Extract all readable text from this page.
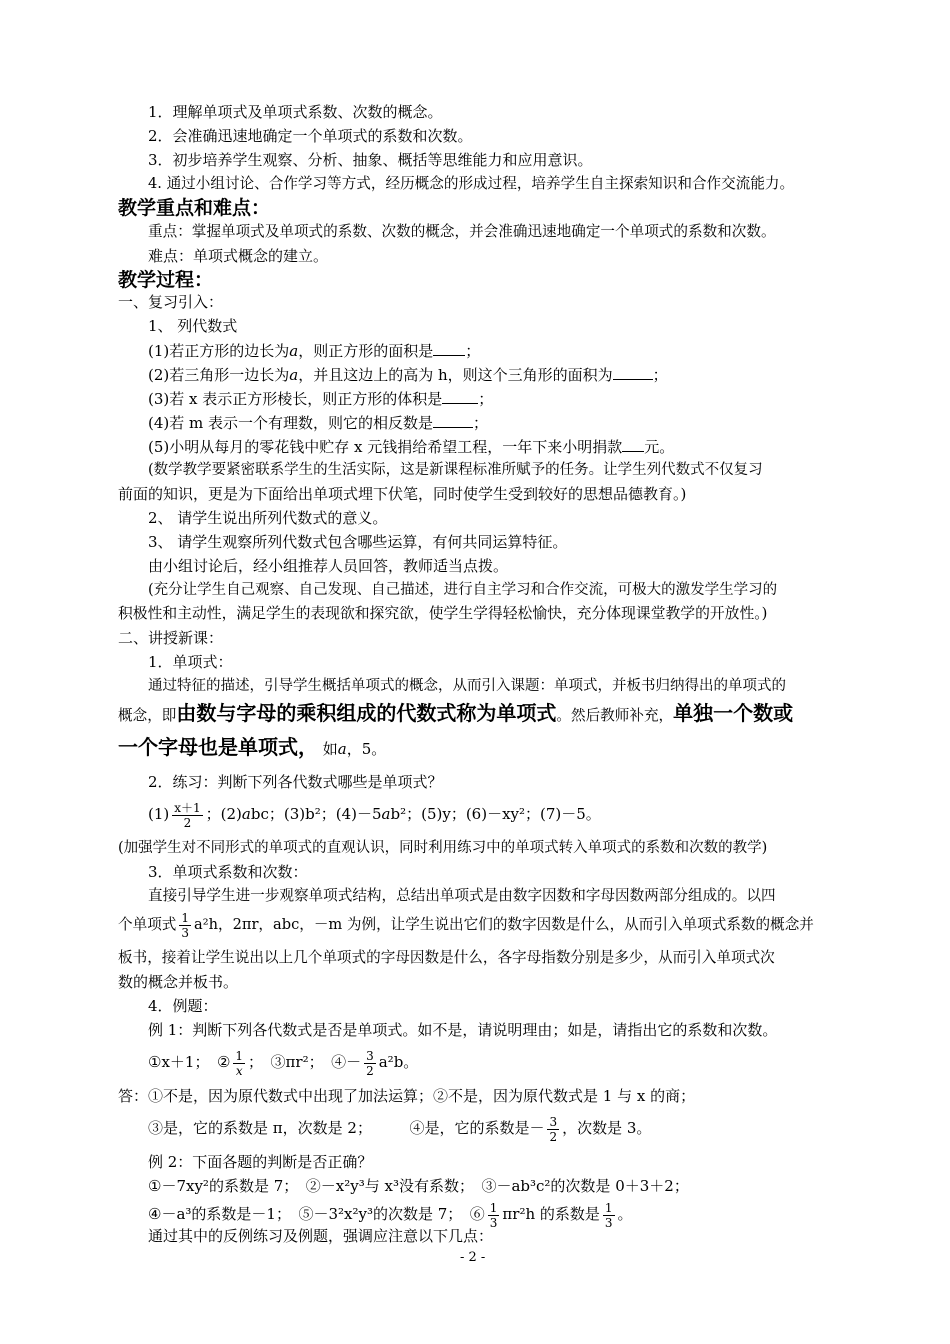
1．理解单项式及单项式系数、次数的概念。
2．会准确迅速地确定一个单项式的系数和次数。
3．初步培养学生观察、分析、抽象、概括等思维能力和应用意识。
4. 通过小组讨论、合作学习等方式，经历概念的形成过程，培养学生自主探索知识和合作交流能力。
教学重点和难点：
重点：掌握单项式及单项式的系数、次数的概念，并会准确迅速地确定一个单项式的系数和次数。
难点：单项式概念的建立。
教学过程：
一、复习引入：
1、 列代数式
(1)若正方形的边长为a，则正方形的面积是 ；
(2)若三角形一边长为a，并且这边上的高为 h，则这个三角形的面积为	；
(3)若 x 表示正方形棱长，则正方形的体积是 ；
(4)若 m 表示一个有理数，则它的相反数是	；
(5)小明从每月的零花钱中贮存 x 元钱捐给希望工程，一年下来小明捐款 元。
(数学教学要紧密联系学生的生活实际，这是新课程标准所赋予的任务。让学生列代数式不仅复习
前面的知识，更是为下面给出单项式埋下伏笔，同时使学生受到较好的思想品德教育。)
2、 请学生说出所列代数式的意义。
3、 请学生观察所列代数式包含哪些运算，有何共同运算特征。
由小组讨论后，经小组推荐人员回答，教师适当点拨。
(充分让学生自己观察、自己发现、自己描述，进行自主学习和合作交流，可极大的激发学生学习的
积极性和主动性，满足学生的表现欲和探究欲，使学生学得轻松愉快，充分体现课堂教学的开放性。)
二、讲授新课：
1．单项式：
通过特征的描述，引导学生概括单项式的概念，从而引入课题：单项式，并板书归纳得出的单项式的
概念，即由数与字母的乘积组成的代数式称为单项式。然后教师补充，单独一个数或
一个字母也是单项式， 如a，5。
2．练习：判断下列各代数式哪些是单项式？
$(1) \frac{x+1}{2}$ ；(2)abc；(3)b²；(4)－5ab²；(5)y；(6)－xy²；(7)－5。
(加强学生对不同形式的单项式的直观认识，同时利用练习中的单项式转入单项式的系数和次数的教学)
3．单项式系数和次数：
直接引导学生进一步观察单项式结构，总结出单项式是由数字因数和字母因数两部分组成的。以四
个单项式 $\frac{1}{3} a^2h$，2πr，abc，－m 为例，让学生说出它们的数字因数是什么，从而引入单项式系数的概念并
板书，接着让学生说出以上几个单项式的字母因数是什么，各字母指数分别是多少，从而引入单项式次
数的概念并板书。
4．例题：
例 1：判断下列各代数式是否是单项式。如不是，请说明理由；如是，请指出它的系数和次数。
①x＋1；　② $\frac{1}{x}$ ；　③πr²；　④－ $\frac{3}{2} a^2b$。
答：①不是，因为原代数式中出现了加法运算；②不是，因为原代数式是 1 与 x 的商；
③是，它的系数是 π，次数是 2；　　　④是，它的系数是－ $\frac{3}{2}$ ，次数是 3。
例 2：下面各题的判断是否正确？
①－7xy²的系数是 7；　②－x²y³与 x³没有系数；　③－ab³c²的次数是 0＋3＋2；
④－a³的系数是－1；　⑤－3²x²y³的次数是 7；　⑥ $\frac{1}{3} \pi r^2h$ 的系数是 $\frac{1}{3}$ 。
通过其中的反例练习及例题，强调应注意以下几点：
- 2 -
